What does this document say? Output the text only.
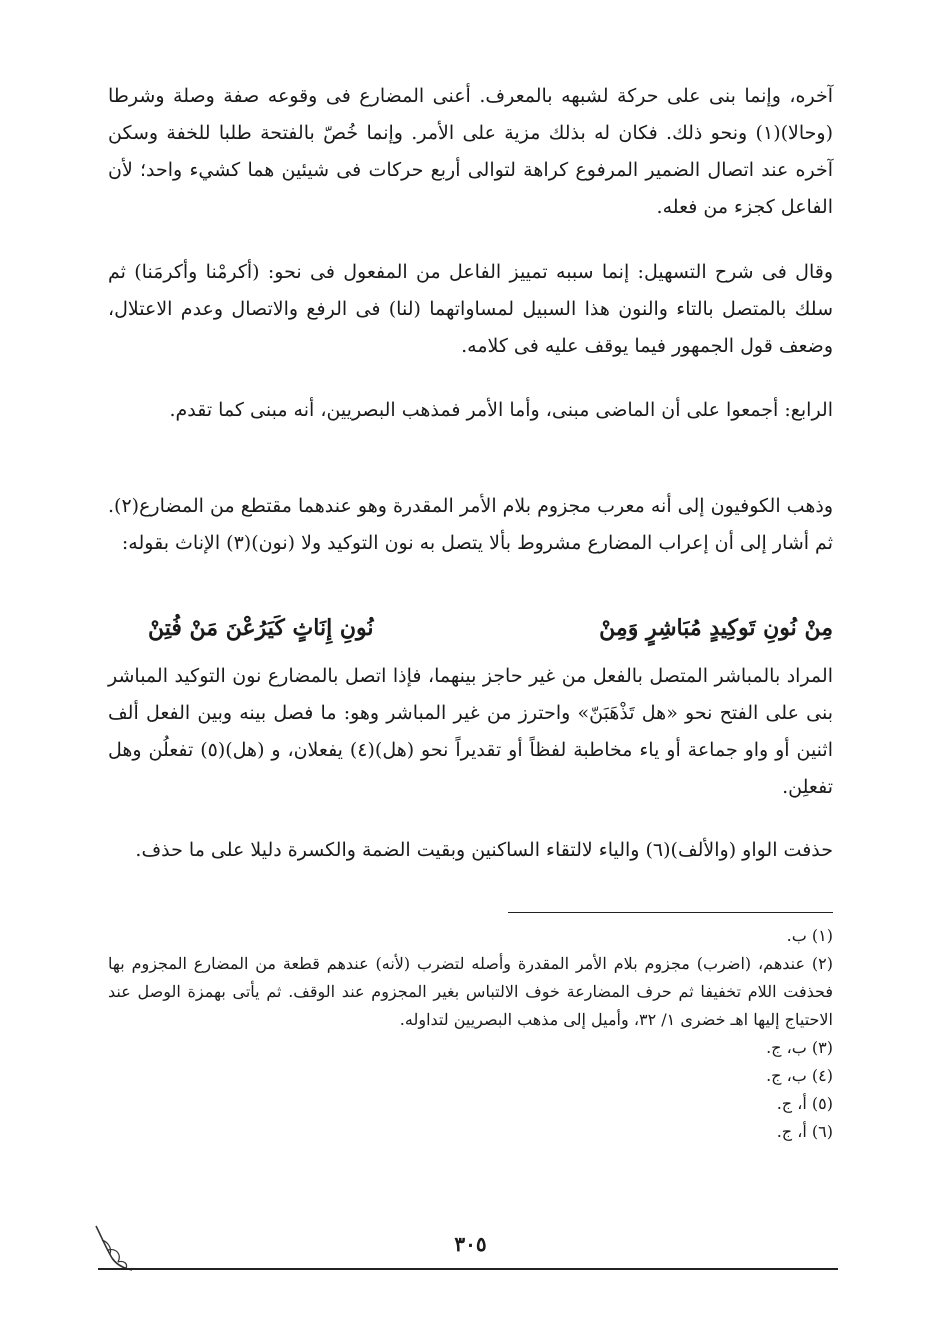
آخره، وإنما بنى على حركة لشبهه بالمعرف. أعنى المضارع فى وقوعه صفة وصلة وشرطا (وحالا)(١) ونحو ذلك. فكان له بذلك مزية على الأمر. وإنما خُصّ بالفتحة طلبا للخفة وسكن آخره عند اتصال الضمير المرفوع كراهة لتوالى أربع حركات فى شيئين هما كشيء واحد؛ لأن الفاعل كجزء من فعله.

وقال فى شرح التسهيل: إنما سببه تمييز الفاعل من المفعول فى نحو: (أكرمْنا وأكرمَنا) ثم سلك بالمتصل بالتاء والنون هذا السبيل لمساواتهما (لنا) فى الرفع والاتصال وعدم الاعتلال، وضعف قول الجمهور فيما يوقف عليه فى كلامه.

الرابع: أجمعوا على أن الماضى مبنى، وأما الأمر فمذهب البصريين، أنه مبنى كما تقدم.

وذهب الكوفيون إلى أنه معرب مجزوم بلام الأمر المقدرة وهو عندهما مقتطع من المضارع(٢). ثم أشار إلى أن إعراب المضارع مشروط بألا يتصل به نون التوكيد ولا (نون)(٣) الإناث بقوله:

مِنْ نُونِ تَوكِيدٍ مُبَاشِرٍ وَمِنْ
نُونِ إِنَاثٍ كَيَرُعْنَ مَنْ فُتِنْ

المراد بالمباشر المتصل بالفعل من غير حاجز بينهما، فإذا اتصل بالمضارع نون التوكيد المباشر بنى على الفتح نحو «هل تَذْهَبَنّ» واحترز من غير المباشر وهو: ما فصل بينه وبين الفعل ألف اثنين أو واو جماعة أو ياء مخاطبة لفظاً أو تقديراً نحو (هل)(٤) يفعلان، و (هل)(٥) تفعلُن وهل تفعلِن.

حذفت الواو (والألف)(٦) والياء لالتقاء الساكنين وبقيت الضمة والكسرة دليلا على ما حذف.

(١) ب.
(٢) عندهم، (اضرب) مجزوم بلام الأمر المقدرة وأصله لتضرب (لأنه) عندهم قطعة من المضارع المجزوم بها فحذفت اللام تخفيفا ثم حرف المضارعة خوف الالتباس بغير المجزوم عند الوقف. ثم يأتى بهمزة الوصل عند الاحتياج إليها اهـ خضرى ١/ ٣٢، وأميل إلى مذهب البصريين لتداوله.
(٣) ب، ج.
(٤) ب، ج.
(٥) أ، ج.
(٦) أ، ج.
٣٠٥
